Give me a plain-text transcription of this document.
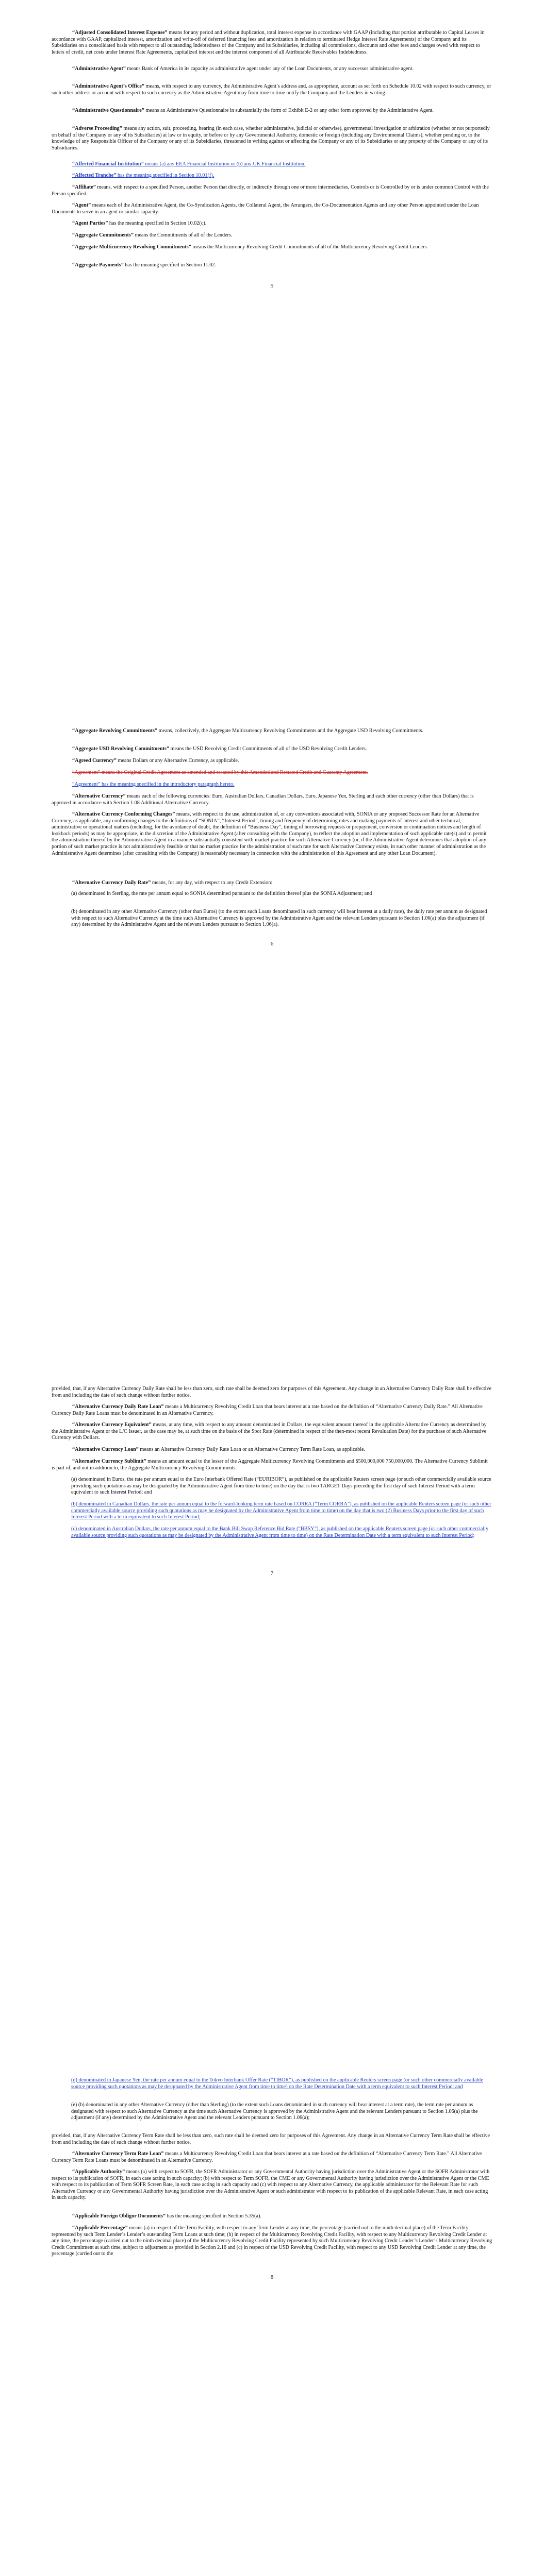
“Adjusted Consolidated Interest Expense” means for any period and without duplication, total interest expense in accordance with GAAP (including that portion attributable to Capital Leases in accordance with GAAP, capitalized interest, amortization and write-off of deferred financing fees and amortization in relation to terminated Hedge Interest Rate Agreements) of the Company and its Subsidiaries on a consolidated basis with respect to all outstanding Indebtedness of the Company and its Subsidiaries, including all commissions, discounts and other fees and charges owed with respect to letters of credit, net costs under Interest Rate Agreements, capitalized interest and the interest component of all Attributable Receivables Indebtedness.

“Administrative Agent” means Bank of America in its capacity as administrative agent under any of the Loan Documents, or any successor administrative agent.

“Administrative Agent’s Office” means, with respect to any currency, the Administrative Agent’s address and, as appropriate, account as set forth on Schedule 10.02 with respect to such currency, or such other address or account with respect to such currency as the Administrative Agent may from time to time notify the Company and the Lenders in writing.

“Administrative Questionnaire” means an Administrative Questionnaire in substantially the form of Exhibit E-2 or any other form approved by the Administrative Agent.

“Adverse Proceeding” means any action, suit, proceeding, hearing (in each case, whether administrative, judicial or otherwise), governmental investigation or arbitration (whether or not purportedly on behalf of the Company or any of its Subsidiaries) at law or in equity, or before or by any Governmental Authority, domestic or foreign (including any Environmental Claims), whether pending or, to the knowledge of any Responsible Officer of the Company or any of its Subsidiaries, threatened in writing against or affecting the Company or any of its Subsidiaries or any property of the Company or any of its Subsidiaries.

“Affected Financial Institution” means (a) any EEA Financial Institution or (b) any UK Financial Institution.

“Affected Tranche” has the meaning specified in Section 10.01(f).

“Affiliate” means, with respect to a specified Person, another Person that directly, or indirectly through one or more intermediaries, Controls or is Controlled by or is under common Control with the Person specified.

“Agent” means each of the Administrative Agent, the Co-Syndication Agents, the Collateral Agent, the Arrangers, the Co-Documentation Agents and any other Person appointed under the Loan Documents to serve in an agent or similar capacity.

“Agent Parties” has the meaning specified in Section 10.02(c).

“Aggregate Commitments” means the Commitments of all of the Lenders.

“Aggregate Multicurrency Revolving Commitments” means the Multicurrency Revolving Credit Commitments of all of the Multicurrency Revolving Credit Lenders.

“Aggregate Payments” has the meaning specified in Section 11.02.

5

“Aggregate Revolving Commitments” means, collectively, the Aggregate Multicurrency Revolving Commitments and the Aggregate USD Revolving Commitments.

“Aggregate USD Revolving Commitments” means the USD Revolving Credit Commitments of all of the USD Revolving Credit Lenders.

“Agreed Currency” means Dollars or any Alternative Currency, as applicable.

“Agreement” means the Original Credit Agreement as amended and restated by this Amended and Restated Credit and Guaranty Agreement.

“Agreement” has the meaning specified in the introductory paragraph hereto.

“Alternative Currency” means each of the following currencies: Euro, Australian Dollars, Canadian Dollars, Euro, Japanese Yen, Sterling and each other currency (other than Dollars) that is approved in accordance with Section 1.08 Additional Alternative Currency.

“Alternative Currency Conforming Changes” means, with respect to the use, administration of, or any conventions associated with, SONIA or any proposed Successor Rate for an Alternative Currency, as applicable, any conforming changes to the definitions of “SONIA”, “Interest Period”, timing and frequency of determining rates and making payments of interest and other technical, administrative or operational matters (including, for the avoidance of doubt, the definition of “Business Day”, timing of borrowing requests or prepayment, conversion or continuation notices and length of lookback periods) as may be appropriate, in the discretion of the Administrative Agent (after consulting with the Company), to reflect the adoption and implementation of such applicable rate(s) and to permit the administration thereof by the Administrative Agent in a manner substantially consistent with market practice for such Alternative Currency (or, if the Administrative Agent determines that adoption of any portion of such market practice is not administratively feasible or that no market practice for the administration of such rate for such Alternative Currency exists, in such other manner of administration as the Administrative Agent determines (after consulting with the Company) is reasonably necessary in connection with the administration of this Agreement and any other Loan Document).

“Alternative Currency Daily Rate” means, for any day, with respect to any Credit Extension:

(a) denominated in Sterling, the rate per annum equal to SONIA determined pursuant to the definition thereof plus the SONIA Adjustment; and

(b) denominated in any other Alternative Currency (other than Euros) (to the extent such Loans denominated in such currency will bear interest at a daily rate), the daily rate per annum as designated with respect to such Alternative Currency at the time such Alternative Currency is approved by the Administrative Agent and the relevant Lenders pursuant to Section 1.06(a) plus the adjustment (if any) determined by the Administrative Agent and the relevant Lenders pursuant to Section 1.06(a).

6

provided, that, if any Alternative Currency Daily Rate shall be less than zero, such rate shall be deemed zero for purposes of this Agreement. Any change in an Alternative Currency Daily Rate shall be effective from and including the date of such change without further notice.

“Alternative Currency Daily Rate Loan” means a Multicurrency Revolving Credit Loan that bears interest at a rate based on the definition of “Alternative Currency Daily Rate.” All Alternative Currency Daily Rate Loans must be denominated in an Alternative Currency.

“Alternative Currency Equivalent” means, at any time, with respect to any amount denominated in Dollars, the equivalent amount thereof in the applicable Alternative Currency as determined by the Administrative Agent or the L/C Issuer, as the case may be, at such time on the basis of the Spot Rate (determined in respect of the then-most recent Revaluation Date) for the purchase of such Alternative Currency with Dollars.

“Alternative Currency Loan” means an Alternative Currency Daily Rate Loan or an Alternative Currency Term Rate Loan, as applicable.

“Alternative Currency Sublimit” means an amount equal to the lesser of the Aggregate Multicurrency Revolving Commitments and $500,000,000 750,000,000. The Alternative Currency Sublimit is part of, and not in addition to, the Aggregate Multicurrency Revolving Commitments.

(a) denominated in Euros, the rate per annum equal to the Euro Interbank Offered Rate (“EURIBOR”), as published on the applicable Reuters screen page (or such other commercially available source providing such quotations as may be designated by the Administrative Agent from time to time) on the day that is two TARGET Days preceding the first day of such Interest Period with a term equivalent to such Interest Period; and

(b) denominated in Canadian Dollars, the rate per annum equal to the forward-looking term rate based on CORRA (“Term CORRA”), as published on the applicable Reuters screen page (or such other commercially available source providing such quotations as may be designated by the Administrative Agent from time to time) on the day that is two (2) Business Days prior to the first day of such Interest Period with a term equivalent to such Interest Period;

(c) denominated in Australian Dollars, the rate per annum equal to the Bank Bill Swap Reference Bid Rate (“BBSY”), as published on the applicable Reuters screen page (or such other commercially available source providing such quotations as may be designated by the Administrative Agent from time to time) on the Rate Determination Date with a term equivalent to such Interest Period;

7

(d) denominated in Japanese Yen, the rate per annum equal to the Tokyo Interbank Offer Rate (“TIBOR”), as published on the applicable Reuters screen page (or such other commercially available source providing such quotations as may be designated by the Administrative Agent from time to time) on the Rate Determination Date with a term equivalent to such Interest Period; and

(e) (b) denominated in any other Alternative Currency (other than Sterling) (to the extent such Loans denominated in such currency will bear interest at a term rate), the term rate per annum as designated with respect to such Alternative Currency at the time such Alternative Currency is approved by the Administrative Agent and the relevant Lenders pursuant to Section 1.06(a) plus the adjustment (if any) determined by the Administrative Agent and the relevant Lenders pursuant to Section 1.06(a);

provided, that, if any Alternative Currency Term Rate shall be less than zero, such rate shall be deemed zero for purposes of this Agreement. Any change in an Alternative Currency Term Rate shall be effective from and including the date of such change without further notice.

“Alternative Currency Term Rate Loan” means a Multicurrency Revolving Credit Loan that bears interest at a rate based on the definition of “Alternative Currency Term Rate.” All Alternative Currency Term Rate Loans must be denominated in an Alternative Currency.

“Applicable Authority” means (a) with respect to SOFR, the SOFR Administrator or any Governmental Authority having jurisdiction over the Administrative Agent or the SOFR Administrator with respect to its publication of SOFR, in each case acting in such capacity; (b) with respect to Term SOFR, the CME or any Governmental Authority having jurisdiction over the Administrative Agent or the CME with respect to its publication of Term SOFR Screen Rate, in each case acting in such capacity and (c) with respect to any Alternative Currency, the applicable administrator for the Relevant Rate for such Alternative Currency or any Governmental Authority having jurisdiction over the Administrative Agent or such administrator with respect to its publication of the applicable Relevant Rate, in each case acting in such capacity.

“Applicable Foreign Obligor Documents” has the meaning specified in Section 5.35(a).

“Applicable Percentage” means (a) in respect of the Term Facility, with respect to any Term Lender at any time, the percentage (carried out to the ninth decimal place) of the Term Facility represented by such Term Lender’s Lender’s outstanding Term Loans at such time; (b) in respect of the Multicurrency Revolving Credit Facility, with respect to any Multicurrency Revolving Credit Lender at any time, the percentage (carried out to the ninth decimal place) of the Multicurrency Revolving Credit Facility represented by such Multicurrency Revolving Credit Lender’s Lender’s Multicurrency Revolving Credit Commitment at such time, subject to adjustment as provided in Section 2.16 and (c) in respect of the USD Revolving Credit Facility, with respect to any USD Revolving Credit Lender at any time, the percentage (carried out to the

8
